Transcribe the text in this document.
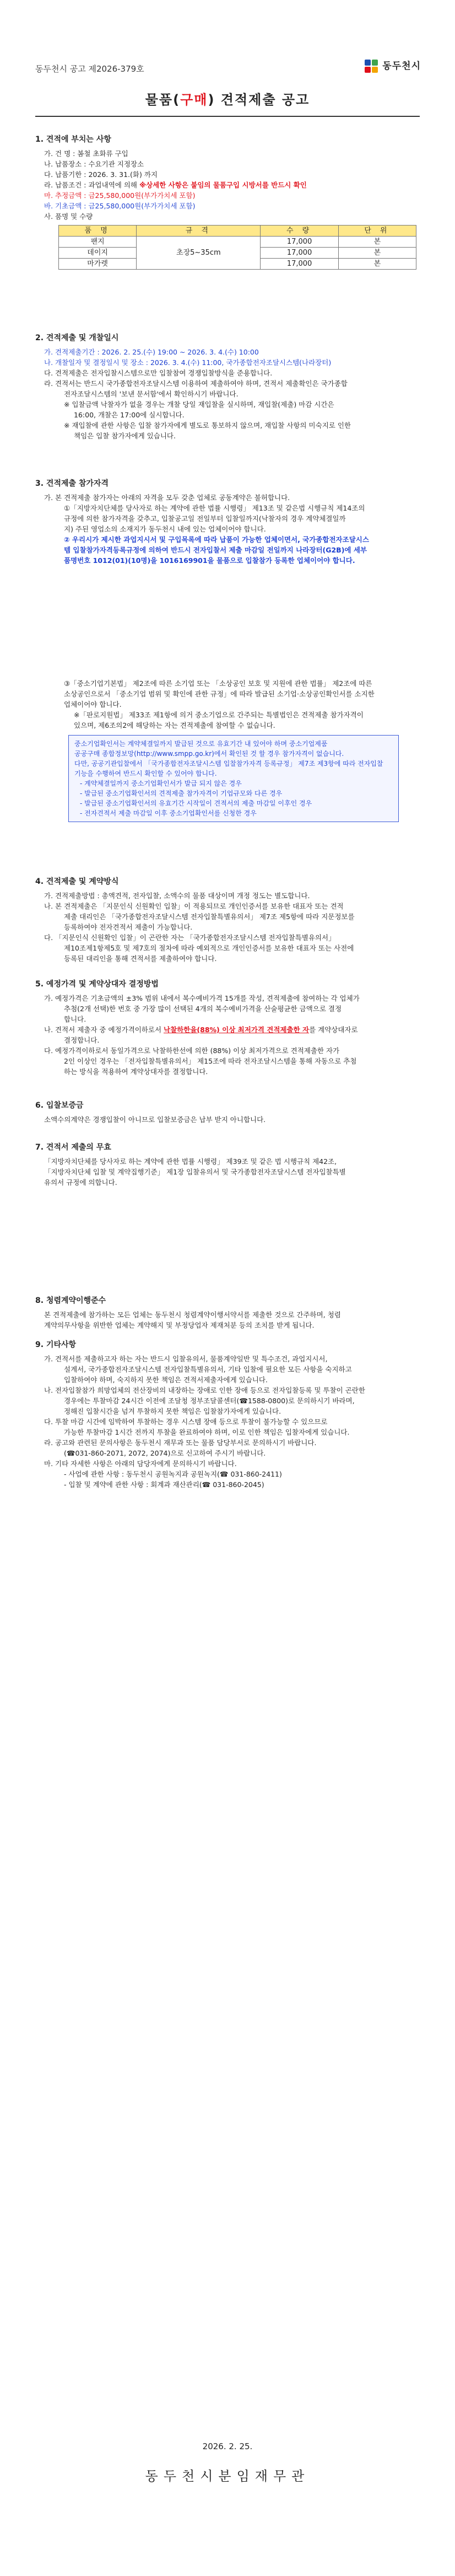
동두천시 공고 제2026-379호	동두천시
물품(구매) 견적제출 공고
1. 견적에 부치는 사항
가. 건 명 : 봄철 초화류 구입
나. 납품장소 : 수요기관 지정장소
다. 납품기한 : 2026. 3. 31.(화) 까지
라. 납품조건 : 과업내역에 의해 ※상세한 사항은 붙임의 물품구입 시방서를 반드시 확인
마. 추정금액 : 금25,580,000원(부가가치세 포함)
바. 기초금액 : 금25,580,000원(부가가치세 포함)
사. 품명 및 수량
품 명	규 격	수 량	단 위
팬지	초장5~35cm	17,000	본
데이지		17,000	본
마가렛		17,000	본
2. 견적제출 및 개찰일시
가. 견적제출기간 : 2026. 2. 25.(수) 19:00 ~ 2026. 3. 4.(수) 10:00
나. 개찰일자 및 결정일시 및 장소 : 2026. 3. 4.(수) 11:00, 국가종합전자조달시스템(나라장터)
다. 견적제출은 전자입찰시스템으로만 입찰참여 경쟁입찰방식을 준용합니다.
라. 견적서는 반드시 국가종합전자조달시스템 이용하여 제출하여야 하며, 견적서 제출확인은 국가종합
전자조달시스템의 '보낸 문서함'에서 확인하시기 바랍니다.
※ 입찰금액 낙찰자가 없을 경우는 개찰 당일 재입찰을 실시하며, 재입찰(제출) 마감 시간은
16:00, 개찰은 17:00에 실시합니다.
※ 재입찰에 관한 사항은 입찰 참가자에게 별도로 통보하지 않으며, 재입찰 사항의 미숙지로 인한
책임은 입찰 참가자에게 있습니다.
3. 견적제출 참가자격
가. 본 견적제출 참가자는 아래의 자격을 모두 갖춘 업체로 공동계약은 불허합니다.
①「지방자치단체를 당사자로 하는 계약에 관한 법률 시행령」 제13조 및 같은법 시행규칙 제14조의
규정에 의한 참가자격을 갖추고, 입찰공고일 전일부터 입찰일까지(낙찰자의 경우 계약체결일까
지) 주된 영업소의 소재지가 동두천시 내에 있는 업체이어야 합니다.
② 우리시가 제시한 과업지시서 및 구입목록에 따라 납품이 가능한 업체이면서, 국가종합전자조달시스
템 입찰참가자격등록규정에 의하여 반드시 전자입찰서 제출 마감일 전일까지 나라장터(G2B)에 세부
품명번호 1012(01)(10명)을 1016169901을 물품으로 입찰참가 등록한 업체이어야 합니다.
③「중소기업기본법」 제2조에 따른 소기업 또는 「소상공인 보호 및 지원에 관한 법률」 제2조에 따른
소상공인으로서 「중소기업 범위 및 확인에 관한 규정」에 따라 발급된 소기업·소상공인확인서를 소지한
업체이어야 합니다.
※「판로지원법」 제33조 제1항에 의거 중소기업으로 간주되는 특별법인은 견적제출 참가자격이
있으며, 제6조의2에 해당하는 자는 견적제출에 참여할 수 없습니다.
중소기업확인서는 계약체결일까지 발급된 것으로 유효기간 내 있어야 하며 중소기업제품
공공구매 종합정보망(http://www.smpp.go.kr)에서 확인된 것 할 경우 참가자격이 없습니다.
다만, 공공기관입찰에서 「국가종합전자조달시스템 입찰참가자격 등록규정」 제7조 제3항에 따라 전자입찰
기능을 수행하여 반드시 확인할 수 있어야 합니다.
- 계약체결일까지 중소기업확인서가 발급 되지 않은 경우
- 발급된 중소기업확인서의 견적제출 참가자격이 기업규모와 다른 경우
- 발급된 중소기업확인서의 유효기간 시작일이 견적서의 제출 마감일 이후인 경우
- 전자견적서 제출 마감일 이후 중소기업확인서를 신청한 경우
4. 견적제출 및 계약방식
가. 견적제출방법 : 총액견적, 전자입찰, 소액수의 물품 대상이며 개정 정도는 별도합니다.
나. 본 견적제출은 「지문인식 신원확인 입찰」이 적용되므로 개인인증서를 보유한 대표자 또는 견적
제출 대리인은 「국가종합전자조달시스템 전자입찰특별유의서」 제7조 제5항에 따라 지문정보를
등록하여야 전자견적서 제출이 가능합니다.
다. 「지문인식 신원확인 입찰」이 곤란한 자는 「국가종합전자조달시스템 전자입찰특별유의서」
제10조제1항제5호 및 제7호의 절차에 따라 예외적으로 개인인증서를 보유한 대표자 또는 사전에
등록된 대리인을 통해 견적서를 제출하여야 합니다.
5. 예정가격 및 계약상대자 결정방법
가. 예정가격은 기초금액의 ±3% 범위 내에서 복수예비가격 15개를 작성, 견적제출에 참여하는 각 업체가
추첨(2개 선택)한 번호 중 가장 많이 선택된 4개의 복수예비가격을 산술평균한 금액으로 결정
합니다.
나. 견적서 제출자 중 예정가격이하로서 낙찰하한율(88%) 이상 최저가격 견적제출한 자를 계약상대자로
결정합니다.
다. 예정가격이하로서 동일가격으로 낙찰하한선에 의한 (88%) 이상 최저가격으로 견적제출한 자가
2인 이상인 경우는 「전자입찰특별유의서」 제15조에 따라 전자조달시스템을 통해 자동으로 추첨
하는 방식을 적용하여 계약상대자를 결정합니다.
6. 입찰보증금
소액수의계약은 경쟁입찰이 아니므로 입찰보증금은 납부 받지 아니합니다.
7. 견적서 제출의 무효
「지방자치단체를 당사자로 하는 계약에 관한 법률 시행령」 제39조 및 같은 법 시행규칙 제42조,
「지방자치단체 입찰 및 계약집행기준」 제1장 입찰유의서 및 국가종합전자조달시스템 전자입찰특별
유의서 규정에 의합니다.
8. 청렴계약이행준수
본 견적제출에 참가하는 모든 업체는 동두천시 청렴계약이행서약서를 제출한 것으로 간주하며, 청렴
계약의무사항을 위반한 업체는 계약해지 및 부정당업자 제재처분 등의 조치를 받게 됩니다.
9. 기타사항
가. 견적서를 제출하고자 하는 자는 반드시 입찰유의서, 물품계약일반 및 특수조건, 과업지시서,
설계서, 국가종합전자조달시스템 전자입찰특별유의서, 기타 입찰에 필요한 모든 사항을 숙지하고
입찰하여야 하며, 숙지하지 못한 책임은 견적서제출자에게 있습니다.
나. 전자입찰참가 희망업체의 전산장비의 내장하는 장애로 인한 장애 등으로 전자입찰등록 및 투찰이 곤란한
경우에는 투찰마감 24시간 이전에 조달청 정부조달콜센터(☎1588-0800)로 문의하시기 바라며,
정해진 입찰시간을 넘겨 투찰하지 못한 책임은 입찰참가자에게 있습니다.
다. 투찰 마감 시간에 임박하여 투찰하는 경우 시스템 장애 등으로 투찰이 불가능할 수 있으므로
가능한 투찰마감 1시간 전까지 투찰을 완료하여야 하며, 이로 인한 책임은 입찰자에게 있습니다.
라. 공고와 관련된 문의사항은 동두천시 재무과 또는 물품 담당부서로 문의하시기 바랍니다.
(☎031-860-2071, 2072, 2074)으로 신고하여 주시기 바랍니다.
마. 기타 자세한 사항은 아래의 담당자에게 문의하시기 바랍니다.
- 사업에 관한 사항 : 동두천시 공원녹지과 공원녹지(☎ 031-860-2411)
- 입찰 및 계약에 관한 사항 : 회계과 재산관리(☎ 031-860-2045)
2026. 2. 25.
동두천시분임재무관
